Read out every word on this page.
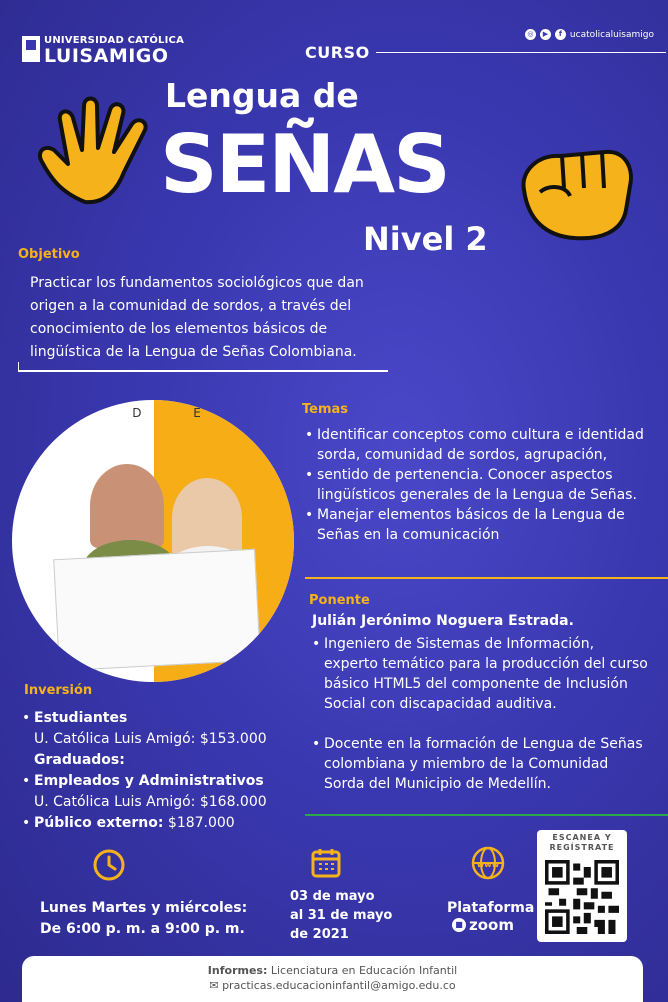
UNIVERSIDAD CATÓLICA
LUISAMIGO
◎	▶	f ucatolicaluisamigo
CURSO
Lengua de
SEÑAS
Nivel 2
Objetivo
Practicar los fundamentos sociológicos que dan origen a la comunidad de sordos, a través del conocimiento de los elementos básicos de lingüística de la Lengua de Señas Colombiana.
C D E F Temas
• Identificar conceptos como cultura e identidad sorda, comunidad de sordos, agrupación,
• sentido de pertenencia. Conocer aspectos lingüísticos generales de la Lengua de Señas.
• Manejar elementos básicos de la Lengua de Señas en la comunicación
Ponente
Julián Jerónimo Noguera Estrada.
• Ingeniero de Sistemas de Información, experto temático para la producción del curso básico HTML5 del componente de Inclusión Social con discapacidad auditiva.
• Docente en la formación de Lengua de Señas colombiana y miembro de la Comunidad Sorda del Municipio de Medellín.
Inversión
• Estudiantes
U. Católica Luis Amigó: $153.000
Graduados:
• Empleados y Administrativos
U. Católica Luis Amigó: $168.000
• Público externo: $187.000
Lunes Martes y miércoles:
De 6:00 p. m. a 9:00 p. m.
03 de mayo
al 31 de mayo
de 2021
www
Plataforma
■ zoom
ESCANEA Y REGÍSTRATE
Informes: Licenciatura en Educación Infantil
✉ practicas.educacioninfantil@amigo.edu.co
